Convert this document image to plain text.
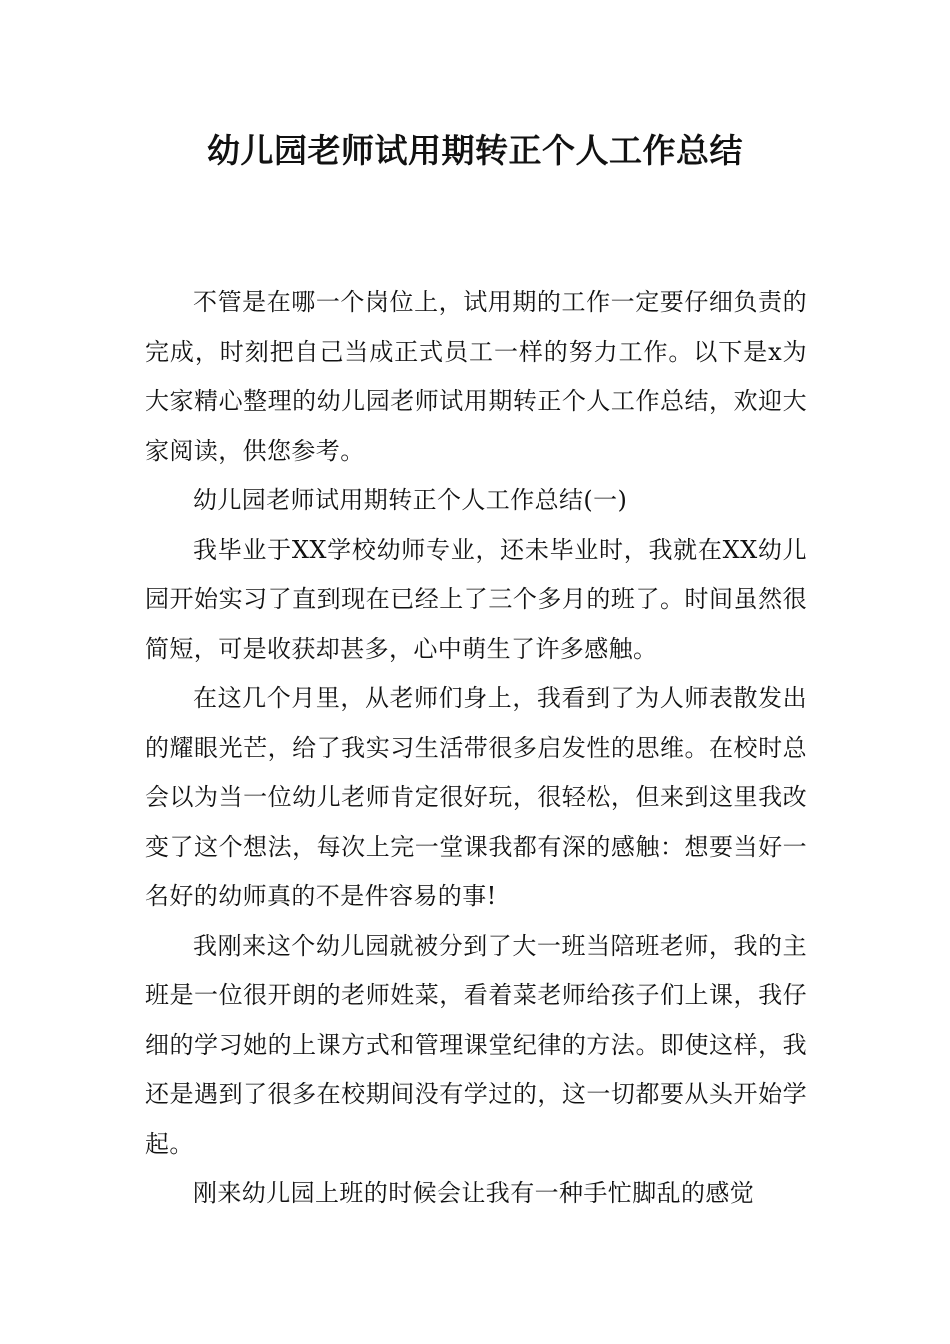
幼儿园老师试用期转正个人工作总结

不管是在哪一个岗位上，试用期的工作一定要仔细负责的完成，时刻把自己当成正式员工一样的努力工作。以下是x为大家精心整理的幼儿园老师试用期转正个人工作总结，欢迎大家阅读，供您参考。

幼儿园老师试用期转正个人工作总结(一)

我毕业于XX学校幼师专业，还未毕业时，我就在XX幼儿园开始实习了直到现在已经上了三个多月的班了。时间虽然很简短，可是收获却甚多，心中萌生了许多感触。

在这几个月里，从老师们身上，我看到了为人师表散发出的耀眼光芒，给了我实习生活带很多启发性的思维。在校时总会以为当一位幼儿老师肯定很好玩，很轻松，但来到这里我改变了这个想法，每次上完一堂课我都有深的感触：想要当好一名好的幼师真的不是件容易的事!

我刚来这个幼儿园就被分到了大一班当陪班老师，我的主班是一位很开朗的老师姓菜，看着菜老师给孩子们上课，我仔细的学习她的上课方式和管理课堂纪律的方法。即使这样，我还是遇到了很多在校期间没有学过的，这一切都要从头开始学起。

刚来幼儿园上班的时候会让我有一种手忙脚乱的感觉
